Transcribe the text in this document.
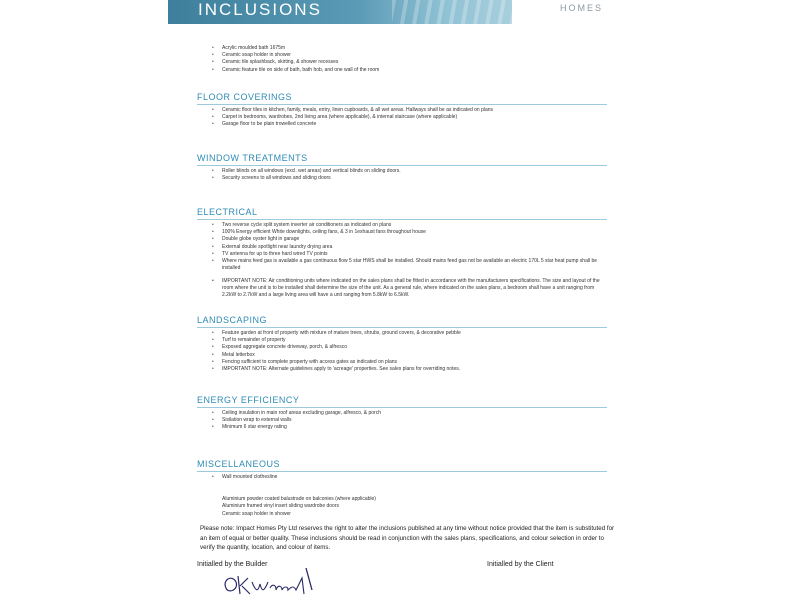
INCLUSIONS	HOMES
• Acrylic moulded bath 1675m
• Ceramic soap holder in shower
• Ceramic tile splashback, skirting, & shower recesses
• Ceramic feature tile on side of bath, bath hob, and one wall of the room
FLOOR COVERINGS
• Ceramic floor tiles in kitchen, family, meals, entry, linen cupboards, & all wet areas. Hallways shall be as indicated on plans
• Carpet in bedrooms, wardrobes, 2nd living area (where applicable), & internal staircase (where applicable)
• Garage floor to be plain trowelled concrete
WINDOW TREATMENTS
• Roller blinds on all windows (excl. wet areas) and vertical blinds on sliding doors.
• Security screens to all windows and sliding doors
ELECTRICAL
• Two reverse cycle split system inverter air conditioners as indicated on plans
• 100% Energy efficient White downlights, ceiling fans, & 3 in 1exhaust fans throughout house
• Double globe oyster light in garage
• External double spotlight near laundry drying area
• TV antenna for up to three hard wired TV points
• Where mains feed gas is available a gas continuous flow 5 star HWS shall be installed. Should mains feed gas not be available an electric 170L 5 star heat pump shall be installed
• IMPORTANT NOTE: Air conditioning units where indicated on the sales plans shall be fitted in accordance with the manufacturers specifications. The size and layout of the room where the unit is to be installed shall determine the size of the unit. As a general rule, where indicated on the sales plans, a bedroom shall have a unit ranging from 2.2kW to 2.7kW and a large living area will have a unit ranging from 5.8kW to 6.5kW.
LANDSCAPING
• Feature garden at front of property with mixture of mature trees, shrubs, ground covers, & decorative pebble
• Turf to remainder of property
• Exposed aggregate concrete driveway, porch, & alfresco
• Metal letterbox
• Fencing sufficient to complete property with access gates as indicated on plans
• IMPORTANT NOTE: Alternate guidelines apply to 'acreage' properties. See sales plans for overriding notes.
ENERGY EFFICIENCY
• Ceiling insulation in main roof areas excluding garage, alfresco, & porch
• Sisilation wrap to external walls
• Minimum 6 star energy rating
MISCELLANEOUS
• Wall mounted clothesline
Aluminium powder coated balustrade on balconies (where applicable)
Aluminium framed vinyl insert sliding wardrobe doors
Ceramic soap holder in shower
Please note: Impact Homes Pty Ltd reserves the right to alter the inclusions published at any time without notice provided that the item is substituted for an item of equal or better quality. These inclusions should be read in conjunction with the sales plans, specifications, and colour selection in order to verify the quantity, location, and colour of items.
Initialled by the Builder	Initialled by the Client
